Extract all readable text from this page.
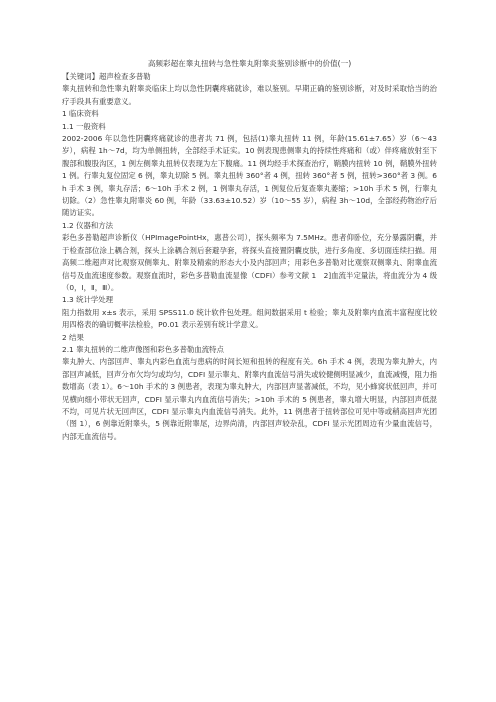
高频彩超在睾丸扭转与急性睾丸附睾炎鉴别诊断中的价值(一)

【关键词】超声检查多普勒

睾丸扭转和急性睾丸附睾炎临床上均以急性阴囊疼痛就诊，难以鉴别。早期正确的鉴别诊断，对及时采取恰当的治疗手段具有重要意义。

1 临床资料

1.1 一般资料

2002-2006 年以急性阴囊疼痛就诊的患者共 71 例，包括(1)睾丸扭转 11 例，年龄(15.61±7.65）岁（6～43 岁），病程 1h～7d，均为单侧扭转，全部经手术证实。10 例表现患侧睾丸的持续性疼痛和（或）伴疼痛放射至下腹部和腹股沟区，1 例左侧睾丸扭转仅表现为左下腹痛。11 例均经手术探查治疗，鞘膜内扭转 10 例，鞘膜外扭转 1 例。行睾丸复位固定 6 例，睾丸切除 5 例。睾丸扭转 360°者 4 例，扭转 360°者 5 例，扭转>360°者 3 例。6h 手术 3 例，睾丸存活；6～10h 手术 2 例，1 例睾丸存活，1 例复位后复查睾丸萎缩；>10h 手术 5 例，行睾丸切除。（2）急性睾丸附睾炎 60 例，年龄（33.63±10.52）岁（10～55 岁），病程 3h～10d，全部经药物治疗后随访证实。

1.2 仪器和方法

彩色多普勒超声诊断仪（HPImagePointHx，惠普公司），探头频率为 7.5MHz。患者仰卧位，充分暴露阴囊，并于检查部位涂上耦合剂，探头上涂耦合剂后套避孕套，将探头直接置阴囊皮肤，进行多角度、多切面连续扫描。用高频二维超声对比观察双侧睾丸、附睾及精索的形态大小及内部回声；用彩色多普勒对比观察双侧睾丸、附睾血流信号及血流速度参数。观察血流时，彩色多普勒血流显像（CDFI）参考文献 1　2]血流半定量法，将血流分为 4 级（0，Ⅰ，Ⅱ，Ⅲ）。

1.3 统计学处理

阻力指数用 x±s 表示，采用 SPSS11.0 统计软件包处理。组间数据采用 t 检验；睾丸及附睾内血流丰富程度比较用四格表的确切概率法检验，P0.01 表示差别有统计学意义。

2 结果

2.1 睾丸扭转的二维声像图和彩色多普勒血流特点

睾丸肿大、内部回声、睾丸内彩色血流与患病的时间长短和扭转的程度有关。6h 手术 4 例，表现为睾丸肿大，内部回声减低，回声分布欠均匀或均匀，CDFI 显示睾丸、附睾内血流信号消失或较健侧明显减少，血流减慢，阻力指数增高（表 1）。6～10h 手术的 3 例患者，表现为睾丸肿大，内部回声显著减低，不均，见小蜂窝状低回声，并可见横向细小带状无回声，CDFI 显示睾丸内血流信号消失；>10h 手术的 5 例患者，睾丸增大明显，内部回声低混不均，可见片状无回声区，CDFI 显示睾丸内血流信号消失。此外，11 例患者于扭转部位可见中等或稍高回声光团（图 1），6 例靠近附睾头，5 例靠近附睾尾，边界尚清，内部回声较杂乱，CDFI 显示光团周边有少量血流信号，内部无血流信号。
